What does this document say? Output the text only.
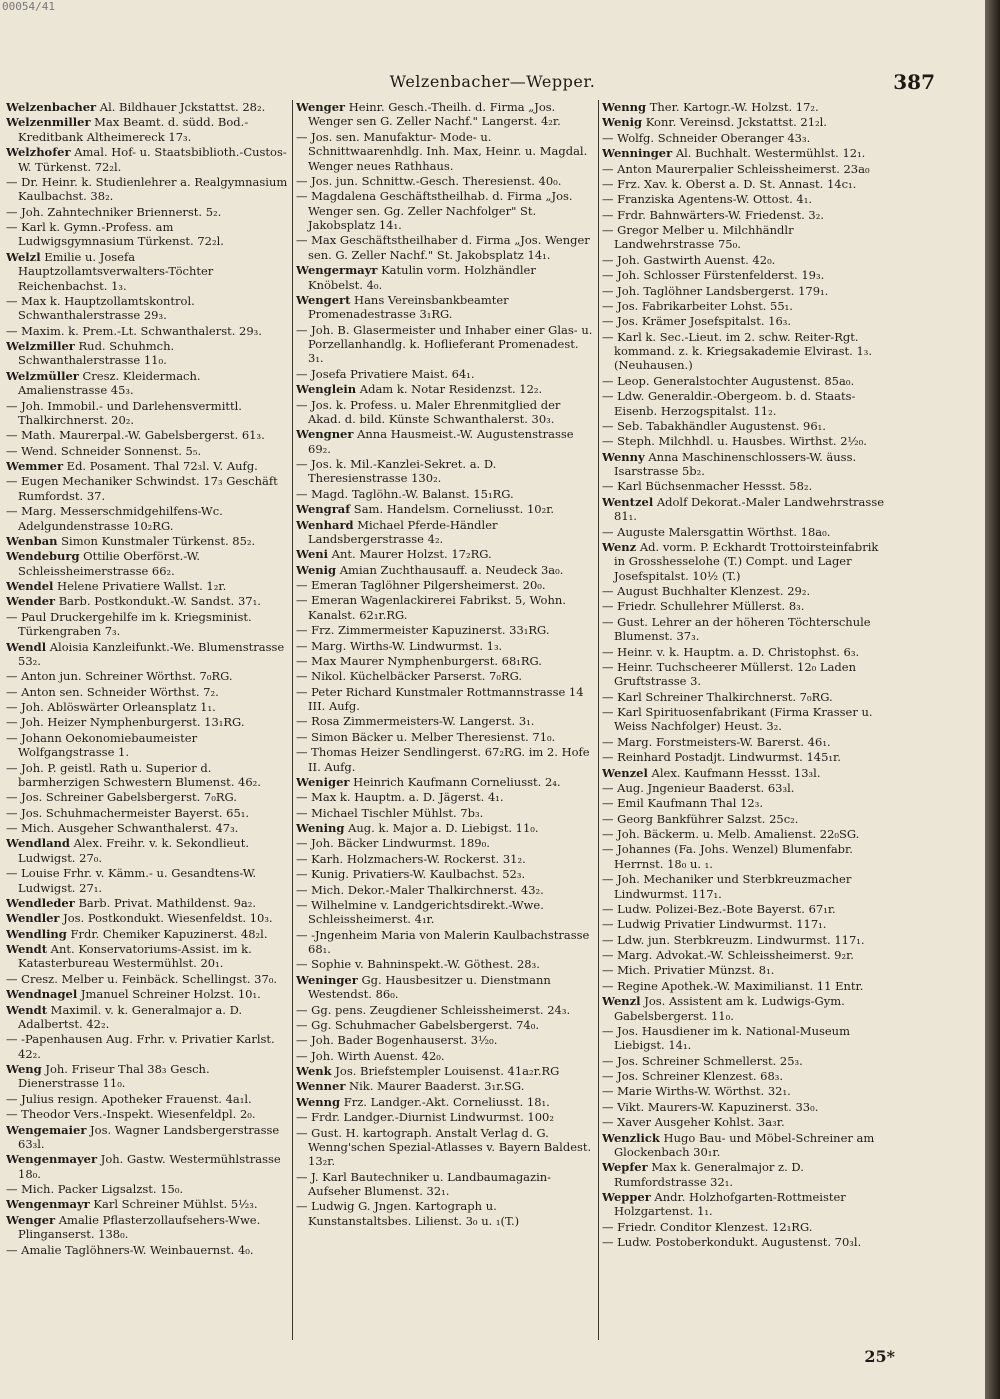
00054/41
Welzenbacher—Wepper.	387

Welzenbacher Al. Bildhauer Jckstattst. 28₂.

Welzenmiller Max Beamt. d. südd. Bod.-Kreditbank Altheimereck 17₃.

Welzhofer Amal. Hof- u. Staatsbiblioth.-Custos-W. Türkenst. 72₂l.

— Dr. Heinr. k. Studienlehrer a. Realgymnasium Kaulbachst. 38₂.

— Joh. Zahntechniker Briennerst. 5₂.

— Karl k. Gymn.-Profess. am Ludwigsgymnasium Türkenst. 72₂l.

Welzl Emilie u. Josefa Hauptzollamtsverwalters-Töchter Reichenbachst. 1₃.

— Max k. Hauptzollamtskontrol. Schwanthalerstrasse 29₃.

— Maxim. k. Prem.-Lt. Schwanthalerst. 29₃.

Welzmiller Rud. Schuhmch. Schwanthalerstrasse 11₀.

Welzmüller Cresz. Kleidermach. Amalienstrasse 45₃.

— Joh. Immobil.- und Darlehensvermittl. Thalkirchnerst. 20₂.

— Math. Maurerpal.-W. Gabelsbergerst. 61₃.

— Wend. Schneider Sonnenst. 5₅.

Wemmer Ed. Posament. Thal 72₃l. V. Aufg.

— Eugen Mechaniker Schwindst. 17₃ Geschäft Rumfordst. 37.

— Marg. Messerschmidgehilfens-Wc. Adelgundenstrasse 10₂RG.

Wenban Simon Kunstmaler Türkenst. 85₂.

Wendeburg Ottilie Oberförst.-W. Schleissheimerstrasse 66₂.

Wendel Helene Privatiere Wallst. 1₂r.

Wender Barb. Postkondukt.-W. Sandst. 37₁.

— Paul Druckergehilfe im k. Kriegsminist. Türkengraben 7₃.

Wendl Aloisia Kanzleifunkt.-We. Blumenstrasse 53₂.

— Anton jun. Schreiner Wörthst. 7₀RG.

— Anton sen. Schneider Wörthst. 7₂.

— Joh. Ablöswärter Orleansplatz 1₁.

— Joh. Heizer Nymphenburgerst. 13₁RG.

— Johann Oekonomiebaumeister Wolfgangstrasse 1.

— Joh. P. geistl. Rath u. Superior d. barmherzigen Schwestern Blumenst. 46₂.

— Jos. Schreiner Gabelsbergerst. 7₀RG.

— Jos. Schuhmachermeister Bayerst. 65₁.

— Mich. Ausgeher Schwanthalerst. 47₃.

Wendland Alex. Freihr. v. k. Sekondlieut. Ludwigst. 27₀.

— Louise Frhr. v. Kämm.- u. Gesandtens-W. Ludwigst. 27₁.

Wendleder Barb. Privat. Mathildenst. 9a₂.

Wendler Jos. Postkondukt. Wiesenfeldst. 10₃.

Wendling Frdr. Chemiker Kapuzinerst. 48₂l.

Wendt Ant. Konservatoriums-Assist. im k. Katasterbureau Westermühlst. 20₁.

— Cresz. Melber u. Feinbäck. Schellingst. 37₀.

Wendnagel Jmanuel Schreiner Holzst. 10₁.

Wendt Maximil. v. k. Generalmajor a. D. Adalbertst. 42₂.

— -Papenhausen Aug. Frhr. v. Privatier Karlst. 42₂.

Weng Joh. Friseur Thal 38₃ Gesch. Dienerstrasse 11₀.

— Julius resign. Apotheker Frauenst. 4a₁l.

— Theodor Vers.-Inspekt. Wiesenfeldpl. 2₀.

Wengemaier Jos. Wagner Landsbergerstrasse 63₃l.

Wengenmayer Joh. Gastw. Westermühlstrasse 18₀.

— Mich. Packer Ligsalzst. 15₀.

Wengenmayr Karl Schreiner Mühlst. 5½₃.

Wenger Amalie Pflasterzollaufsehers-Wwe. Plinganserst. 138₀.

— Amalie Taglöhners-W. Weinbauernst. 4₀.

Wenger Heinr. Gesch.-Theilh. d. Firma „Jos. Wenger sen G. Zeller Nachf." Langerst. 4₂r.

— Jos. sen. Manufaktur- Mode- u. Schnittwaarenhdlg. Inh. Max, Heinr. u. Magdal. Wenger neues Rathhaus.

— Jos. jun. Schnittw.-Gesch. Theresienst. 40₀.

— Magdalena Geschäftstheilhab. d. Firma „Jos. Wenger sen. Gg. Zeller Nachfolger" St. Jakobsplatz 14₁.

— Max Geschäftstheilhaber d. Firma „Jos. Wenger sen. G. Zeller Nachf." St. Jakobsplatz 14₁.

Wengermayr Katulin vorm. Holzhändler Knöbelst. 4₀.

Wengert Hans Vereinsbankbeamter Promenadestrasse 3₁RG.

— Joh. B. Glasermeister und Inhaber einer Glas- u. Porzellanhandlg. k. Hoflieferant Promenadest. 3₁.

— Josefa Privatiere Maist. 64₁.

Wenglein Adam k. Notar Residenzst. 12₂.

— Jos. k. Profess. u. Maler Ehrenmitglied der Akad. d. bild. Künste Schwanthalerst. 30₃.

Wengner Anna Hausmeist.-W. Augustenstrasse 69₂.

— Jos. k. Mil.-Kanzlei-Sekret. a. D. Theresienstrasse 130₂.

— Magd. Taglöhn.-W. Balanst. 15₁RG.

Wengraf Sam. Handelsm. Corneliusst. 10₂r.

Wenhard Michael Pferde-Händler Landsbergerstrasse 4₂.

Weni Ant. Maurer Holzst. 17₂RG.

Wenig Amian Zuchthausauff. a. Neudeck 3a₀.

— Emeran Taglöhner Pilgersheimerst. 20₀.

— Emeran Wagenlackirerei Fabrikst. 5, Wohn. Kanalst. 62₁r.RG.

— Frz. Zimmermeister Kapuzinerst. 33₁RG.

— Marg. Wirths-W. Lindwurmst. 1₃.

— Max Maurer Nymphenburgerst. 68₁RG.

— Nikol. Küchelbäcker Parserst. 7₀RG.

— Peter Richard Kunstmaler Rottmannstrasse 14 III. Aufg.

— Rosa Zimmermeisters-W. Langerst. 3₁.

— Simon Bäcker u. Melber Theresienst. 71₀.

— Thomas Heizer Sendlingerst. 67₂RG. im 2. Hofe II. Aufg.

Weniger Heinrich Kaufmann Corneliusst. 2₄.

— Max k. Hauptm. a. D. Jägerst. 4₁.

— Michael Tischler Mühlst. 7b₃.

Wening Aug. k. Major a. D. Liebigst. 11₀.

— Joh. Bäcker Lindwurmst. 189₀.

— Karh. Holzmachers-W. Rockerst. 31₂.

— Kunig. Privatiers-W. Kaulbachst. 52₃.

— Mich. Dekor.-Maler Thalkirchnerst. 43₂.

— Wilhelmine v. Landgerichtsdirekt.-Wwe. Schleissheimerst. 4₁r.

— -Jngenheim Maria von Malerin Kaulbachstrasse 68₁.

— Sophie v. Bahninspekt.-W. Göthest. 28₃.

Weninger Gg. Hausbesitzer u. Dienstmann Westendst. 86₀.

— Gg. pens. Zeugdiener Schleissheimerst. 24₃.

— Gg. Schuhmacher Gabelsbergerst. 74₀.

— Joh. Bader Bogenhauserst. 3½₀.

— Joh. Wirth Auenst. 42₀.

Wenk Jos. Briefstempler Louisenst. 41a₂r.RG

Wenner Nik. Maurer Baaderst. 3₁r.SG.

Wenng Frz. Landger.-Akt. Corneliusst. 18₁.

— Frdr. Landger.-Diurnist Lindwurmst. 100₂

— Gust. H. kartograph. Anstalt Verlag d. G. Wenng'schen Spezial-Atlasses v. Bayern Baldest. 13₂r.

— J. Karl Bautechniker u. Landbaumagazin-Aufseher Blumenst. 32₁.

— Ludwig G. Jngen. Kartograph u. Kunstanstaltsbes. Lilienst. 3₀ u. ₁(T.)

Wenng Ther. Kartogr.-W. Holzst. 17₂.

Wenig Konr. Vereinsd. Jckstattst. 21₂l.

— Wolfg. Schneider Oberanger 43₃.

Wenninger Al. Buchhalt. Westermühlst. 12₁.

— Anton Maurerpalier Schleissheimerst. 23a₀

— Frz. Xav. k. Oberst a. D. St. Annast. 14c₁.

— Franziska Agentens-W. Ottost. 4₁.

— Frdr. Bahnwärters-W. Friedenst. 3₂.

— Gregor Melber u. Milchhändlr Landwehrstrasse 75₀.

— Joh. Gastwirth Auenst. 42₀.

— Joh. Schlosser Fürstenfelderst. 19₃.

— Joh. Taglöhner Landsbergerst. 179₁.

— Jos. Fabrikarbeiter Lohst. 55₁.

— Jos. Krämer Josefspitalst. 16₃.

— Karl k. Sec.-Lieut. im 2. schw. Reiter-Rgt. kommand. z. k. Kriegsakademie Elvirast. 1₃. (Neuhausen.)

— Leop. Generalstochter Augustenst. 85a₀.

— Ldw. Generaldir.-Obergeom. b. d. Staats-Eisenb. Herzogspitalst. 11₂.

— Seb. Tabakhändler Augustenst. 96₁.

— Steph. Milchhdl. u. Hausbes. Wirthst. 2½₀.

Wenny Anna Maschinenschlossers-W. äuss. Isarstrasse 5b₂.

— Karl Büchsenmacher Hessst. 58₂.

Wentzel Adolf Dekorat.-Maler Landwehrstrasse 81₁.

— Auguste Malersgattin Wörthst. 18a₀.

Wenz Ad. vorm. P. Eckhardt Trottoirsteinfabrik in Grosshesselohe (T.) Compt. und Lager Josefspitalst. 10½ (T.)

— August Buchhalter Klenzest. 29₂.

— Friedr. Schullehrer Müllerst. 8₃.

— Gust. Lehrer an der höheren Töchterschule Blumenst. 37₃.

— Heinr. v. k. Hauptm. a. D. Christophst. 6₃.

— Heinr. Tuchscheerer Müllerst. 12₀ Laden Gruftstrasse 3.

— Karl Schreiner Thalkirchnerst. 7₀RG.

— Karl Spirituosenfabrikant (Firma Krasser u. Weiss Nachfolger) Heust. 3₂.

— Marg. Forstmeisters-W. Barerst. 46₁.

— Reinhard Postadjt. Lindwurmst. 145₁r.

Wenzel Alex. Kaufmann Hessst. 13₃l.

— Aug. Jngenieur Baaderst. 63₃l.

— Emil Kaufmann Thal 12₃.

— Georg Bankführer Salzst. 25c₂.

— Joh. Bäckerm. u. Melb. Amalienst. 22₀SG.

— Johannes (Fa. Johs. Wenzel) Blumenfabr. Herrnst. 18₀ u. ₁.

— Joh. Mechaniker und Sterbkreuzmacher Lindwurmst. 117₁.

— Ludw. Polizei-Bez.-Bote Bayerst. 67₁r.

— Ludwig Privatier Lindwurmst. 117₁.

— Ldw. jun. Sterbkreuzm. Lindwurmst. 117₁.

— Marg. Advokat.-W. Schleissheimerst. 9₂r.

— Mich. Privatier Münzst. 8₁.

— Regine Apothek.-W. Maximilianst. 11 Entr.

Wenzl Jos. Assistent am k. Ludwigs-Gym. Gabelsbergerst. 11₀.

— Jos. Hausdiener im k. National-Museum Liebigst. 14₁.

— Jos. Schreiner Schmellerst. 25₃.

— Jos. Schreiner Klenzest. 68₃.

— Marie Wirths-W. Wörthst. 32₁.

— Vikt. Maurers-W. Kapuzinerst. 33₀.

— Xaver Ausgeher Kohlst. 3a₃r.

Wenzlick Hugo Bau- und Möbel-Schreiner am Glockenbach 30₁r.

Wepfer Max k. Generalmajor z. D. Rumfordstrasse 32₁.

Wepper Andr. Holzhofgarten-Rottmeister Holzgartenst. 1₁.

— Friedr. Conditor Klenzest. 12₁RG.

— Ludw. Postoberkondukt. Augustenst. 70₃l.

25*
